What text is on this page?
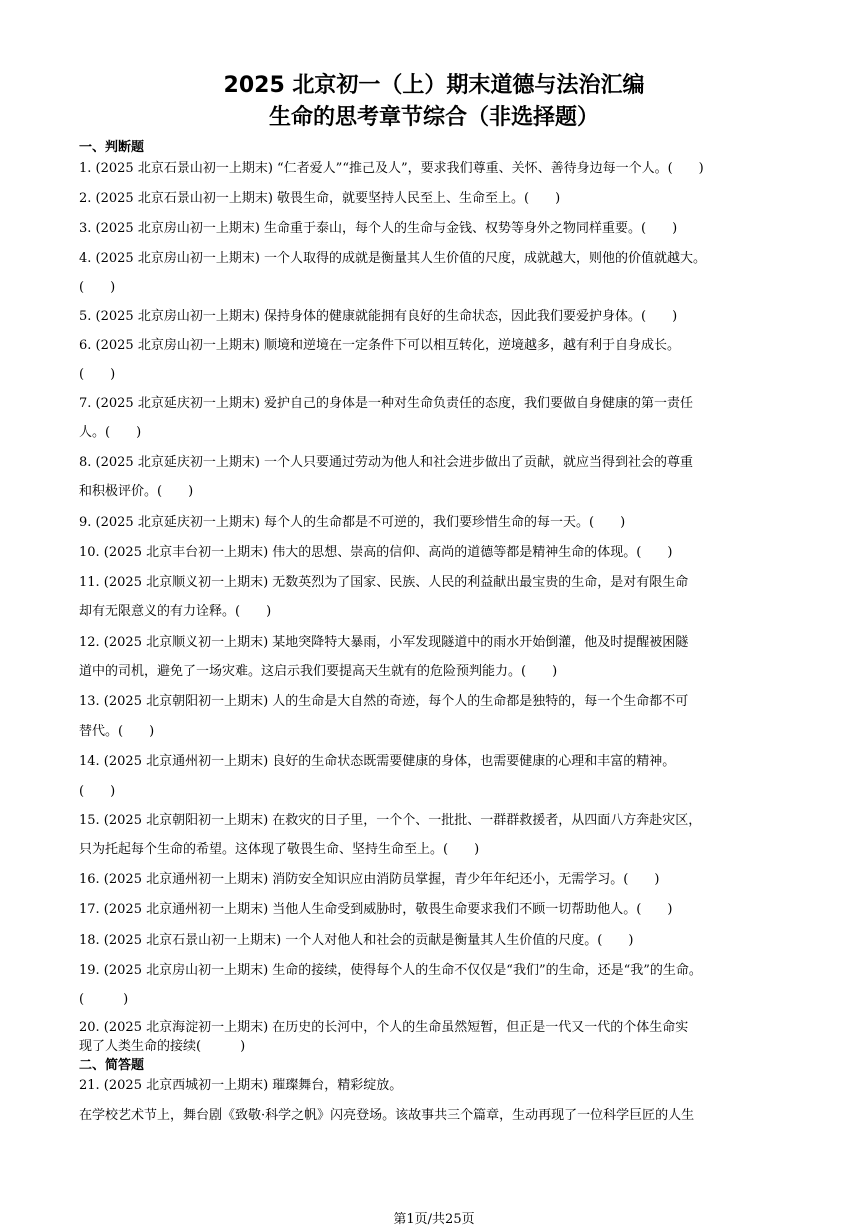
2025 北京初一（上）期末道德与法治汇编
生命的思考章节综合（非选择题）
一、判断题
1. (2025 北京石景山初一上期末) “仁者爱人”“推己及人”，要求我们尊重、关怀、善待身边每一个人。(　　)
2. (2025 北京石景山初一上期末) 敬畏生命，就要坚持人民至上、生命至上。(　　)
3. (2025 北京房山初一上期末) 生命重于泰山，每个人的生命与金钱、权势等身外之物同样重要。(　　)
4. (2025 北京房山初一上期末) 一个人取得的成就是衡量其人生价值的尺度，成就越大，则他的价值就越大。
(　　)
5. (2025 北京房山初一上期末) 保持身体的健康就能拥有良好的生命状态，因此我们要爱护身体。(　　)
6. (2025 北京房山初一上期末) 顺境和逆境在一定条件下可以相互转化，逆境越多，越有利于自身成长。
(　　)
7. (2025 北京延庆初一上期末) 爱护自己的身体是一种对生命负责任的态度，我们要做自身健康的第一责任
人。(　　)
8. (2025 北京延庆初一上期末) 一个人只要通过劳动为他人和社会进步做出了贡献，就应当得到社会的尊重
和积极评价。(　　)
9. (2025 北京延庆初一上期末) 每个人的生命都是不可逆的，我们要珍惜生命的每一天。(　　)
10. (2025 北京丰台初一上期末) 伟大的思想、崇高的信仰、高尚的道德等都是精神生命的体现。(　　)
11. (2025 北京顺义初一上期末) 无数英烈为了国家、民族、人民的利益献出最宝贵的生命，是对有限生命
却有无限意义的有力诠释。(　　)
12. (2025 北京顺义初一上期末) 某地突降特大暴雨，小军发现隧道中的雨水开始倒灌，他及时提醒被困隧
道中的司机，避免了一场灾难。这启示我们要提高天生就有的危险预判能力。(　　)
13. (2025 北京朝阳初一上期末) 人的生命是大自然的奇迹，每个人的生命都是独特的，每一个生命都不可
替代。(　　)
14. (2025 北京通州初一上期末) 良好的生命状态既需要健康的身体，也需要健康的心理和丰富的精神。
(　　)
15. (2025 北京朝阳初一上期末) 在救灾的日子里，一个个、一批批、一群群救援者，从四面八方奔赴灾区，
只为托起每个生命的希望。这体现了敬畏生命、坚持生命至上。(　　)
16. (2025 北京通州初一上期末) 消防安全知识应由消防员掌握，青少年年纪还小，无需学习。(　　)
17. (2025 北京通州初一上期末) 当他人生命受到威胁时，敬畏生命要求我们不顾一切帮助他人。(　　)
18. (2025 北京石景山初一上期末) 一个人对他人和社会的贡献是衡量其人生价值的尺度。(　　)
19. (2025 北京房山初一上期末) 生命的接续，使得每个人的生命不仅仅是“我们”的生命，还是“我”的生命。
(　　　)
20. (2025 北京海淀初一上期末) 在历史的长河中，个人的生命虽然短暂，但正是一代又一代的个体生命实
现了人类生命的接续(　　　)
二、简答题
21. (2025 北京西城初一上期末) 璀璨舞台，精彩绽放。
在学校艺术节上，舞台剧《致敬·科学之帆》闪亮登场。该故事共三个篇章，生动再现了一位科学巨匠的人生
第1页/共25页
